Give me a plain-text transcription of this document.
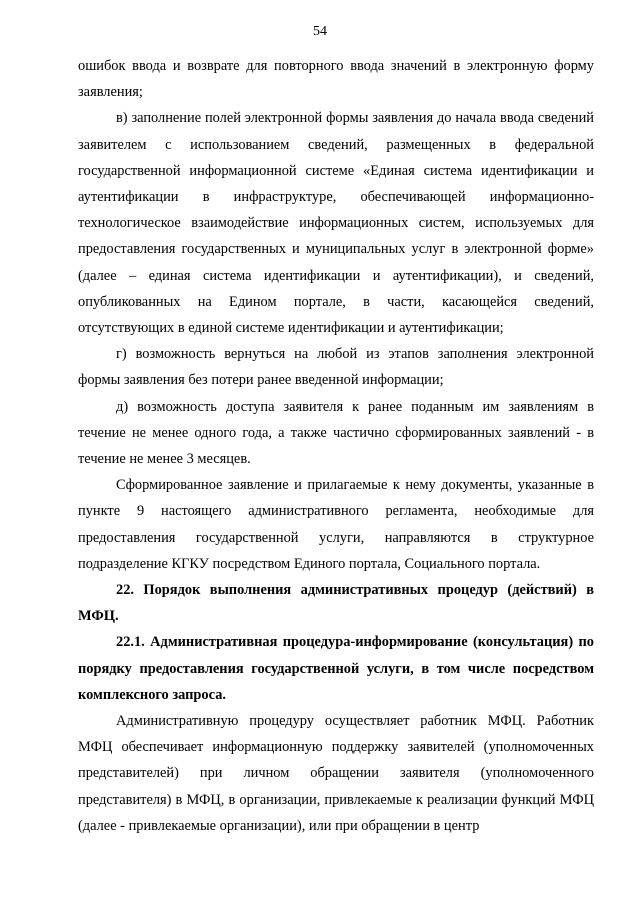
54

ошибок ввода и возврате для повторного ввода значений в электронную форму заявления;

в) заполнение полей электронной формы заявления до начала ввода сведений заявителем с использованием сведений, размещенных в федеральной государственной информационной системе «Единая система идентификации и аутентификации в инфраструктуре, обеспечивающей информационно-технологическое взаимодействие информационных систем, используемых для предоставления государственных и муниципальных услуг в электронной форме» (далее – единая система идентификации и аутентификации), и сведений, опубликованных на Едином портале, в части, касающейся сведений, отсутствующих в единой системе идентификации и аутентификации;

г) возможность вернуться на любой из этапов заполнения электронной формы заявления без потери ранее введенной информации;

д) возможность доступа заявителя к ранее поданным им заявлениям в течение не менее одного года, а также частично сформированных заявлений - в течение не менее 3 месяцев.

Сформированное заявление и прилагаемые к нему документы, указанные в пункте 9 настоящего административного регламента, необходимые для предоставления государственной услуги, направляются в структурное подразделение КГКУ посредством Единого портала, Социального портала.

22. Порядок выполнения административных процедур (действий) в МФЦ.

22.1. Административная процедура-информирование (консультация) по порядку предоставления государственной услуги, в том числе посредством комплексного запроса.

Административную процедуру осуществляет работник МФЦ. Работник МФЦ обеспечивает информационную поддержку заявителей (уполномоченных представителей) при личном обращении заявителя (уполномоченного представителя) в МФЦ, в организации, привлекаемые к реализации функций МФЦ (далее - привлекаемые организации), или при обращении в центр
